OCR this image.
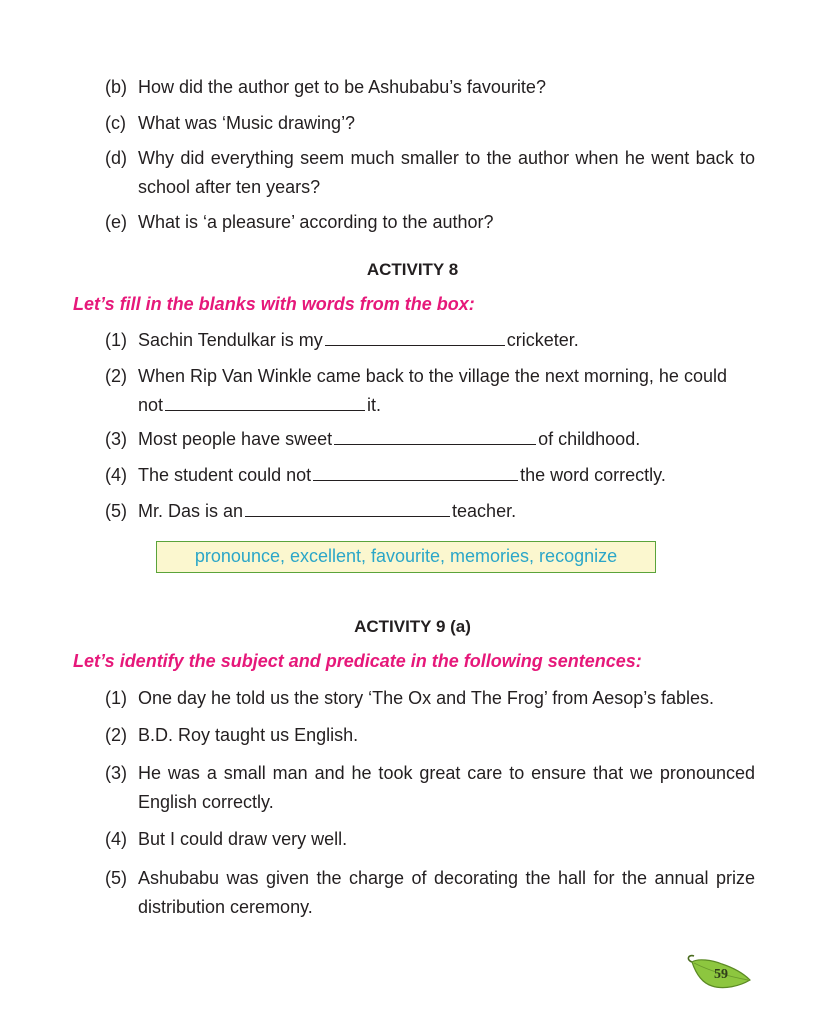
(b) How did the author get to be Ashubabu’s favourite?
(c) What was ‘Music drawing’?
(d) Why did everything seem much smaller to the author when he went back to school after ten years?
(e) What is ‘a pleasure’ according to the author?
ACTIVITY 8
Let’s fill in the blanks with words from the box:
(1) Sachin Tendulkar is my	cricketer.
(2) When Rip Van Winkle came back to the village the next morning, he could not	it.
(3) Most people have sweet	of childhood.
(4) The student could not	the word correctly.
(5) Mr. Das is an	teacher.
pronounce, excellent, favourite, memories, recognize
ACTIVITY 9 (a)
Let’s identify the subject and predicate in the following sentences:
(1) One day he told us the story ‘The Ox and The Frog’ from Aesop’s fables.
(2) B.D. Roy taught us English.
(3) He was a small man and he took great care to ensure that we pronounced English correctly.
(4) But I could draw very well.
(5) Ashubabu was given the charge of decorating the hall for the annual prize distribution ceremony.
59
